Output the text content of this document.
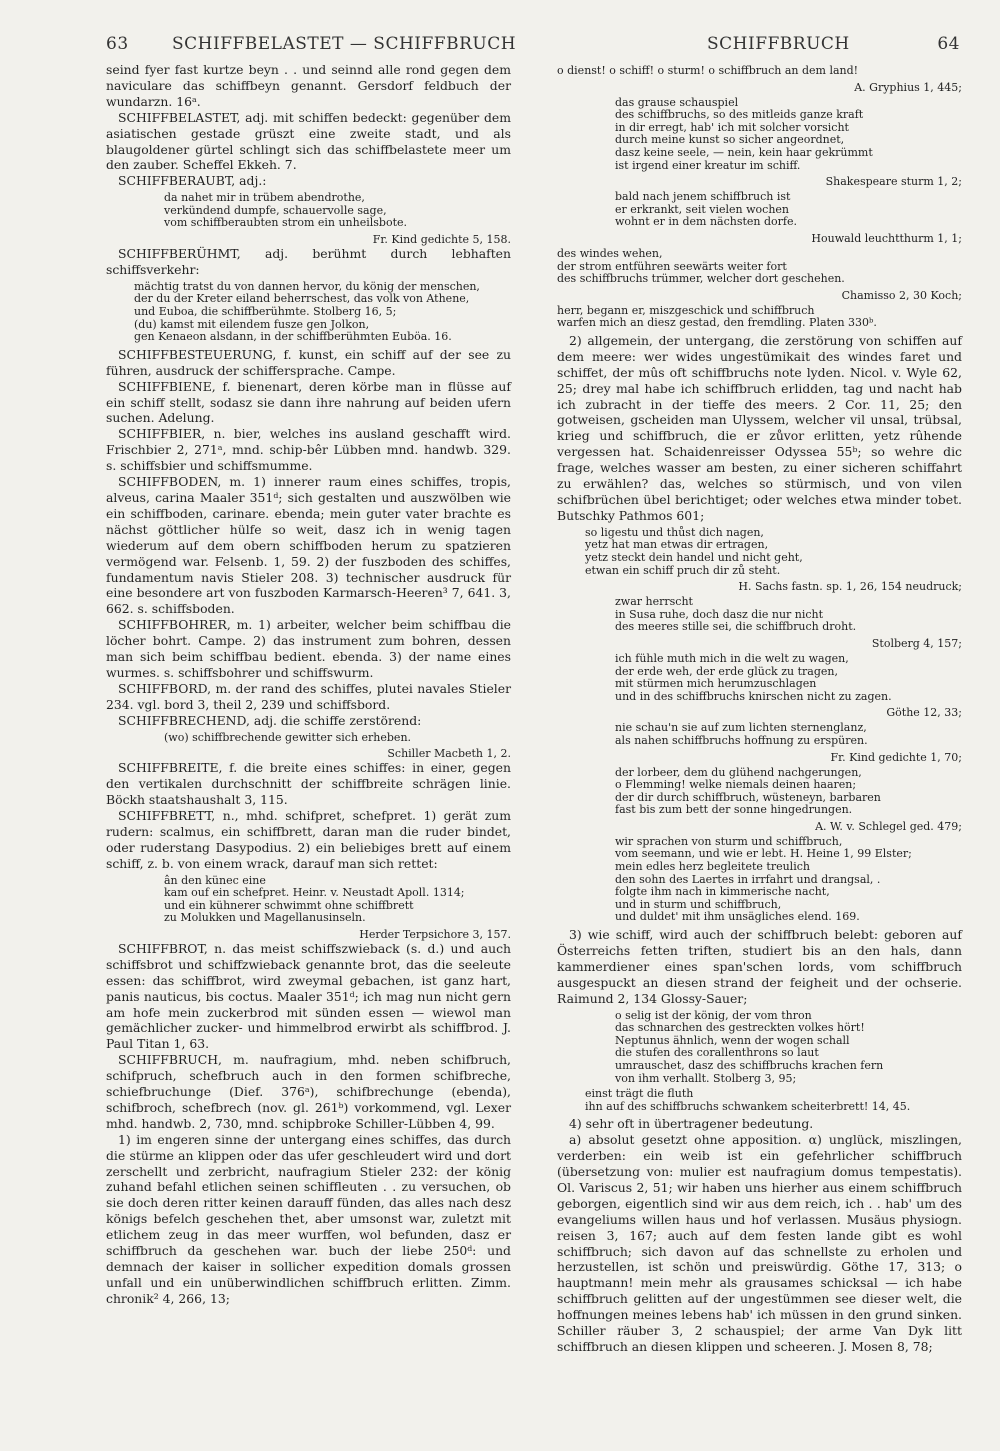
63	SCHIFFBELASTET — SCHIFFBRUCH	SCHIFFBRUCH	64

seind fyer fast kurtze beyn . . und seinnd alle rond gegen dem naviculare das schiffbeyn genannt. Gersdorf feldbuch der wundarzn. 16ᵃ.

SCHIFFBELASTET, adj. mit schiffen bedeckt: gegenüber dem asiatischen gestade grüszt eine zweite stadt, und als blaugoldener gürtel schlingt sich das schiffbelastete meer um den zauber. Scheffel Ekkeh. 7.

SCHIFFBERAUBT, adj.:

da nahet mir in trübem abendrothe,
verkündend dumpfe, schauervolle sage,
vom schiffberaubten strom ein unheilsbote.
Fr. Kind gedichte 5, 158.

SCHIFFBERÜHMT, adj. berühmt durch lebhaften schiffsverkehr:

mächtig tratst du von dannen hervor, du könig der menschen,
der du der Kreter eiland beherrschest, das volk von Athene,
und Euboa, die schiffberühmte. Stolberg 16, 5;
(du) kamst mit eilendem fusze gen Jolkon,
gen Kenaeon alsdann, in der schiffberühmten Euböa. 16.

SCHIFFBESTEUERUNG, f. kunst, ein schiff auf der see zu führen, ausdruck der schiffersprache. Campe.

SCHIFFBIENE, f. bienenart, deren körbe man in flüsse auf ein schiff stellt, sodasz sie dann ihre nahrung auf beiden ufern suchen. Adelung.

SCHIFFBIER, n. bier, welches ins ausland geschafft wird. Frischbier 2, 271ᵃ, mnd. schip-bêr Lübben mnd. handwb. 329. s. schiffsbier und schiffsmumme.

SCHIFFBODEN, m. 1) innerer raum eines schiffes, tropis, alveus, carina Maaler 351ᵈ; sich gestalten und auszwölben wie ein schiffboden, carinare. ebenda; mein guter vater brachte es nächst göttlicher hülfe so weit, dasz ich in wenig tagen wiederum auf dem obern schiffboden herum zu spatzieren vermögend war. Felsenb. 1, 59. 2) der fuszboden des schiffes, fundamentum navis Stieler 208. 3) technischer ausdruck für eine besondere art von fuszboden Karmarsch-Heeren³ 7, 641. 3, 662. s. schiffsboden.

SCHIFFBOHRER, m. 1) arbeiter, welcher beim schiffbau die löcher bohrt. Campe. 2) das instrument zum bohren, dessen man sich beim schiffbau bedient. ebenda. 3) der name eines wurmes. s. schiffsbohrer und schiffswurm.

SCHIFFBORD, m. der rand des schiffes, plutei navales Stieler 234. vgl. bord 3, theil 2, 239 und schiffsbord.

SCHIFFBRECHEND, adj. die schiffe zerstörend:

(wo) schiffbrechende gewitter sich erheben.
Schiller Macbeth 1, 2.

SCHIFFBREITE, f. die breite eines schiffes: in einer, gegen den vertikalen durchschnitt der schiffbreite schrägen linie. Böckh staatshaushalt 3, 115.

SCHIFFBRETT, n., mhd. schifpret, schefpret. 1) gerät zum rudern: scalmus, ein schiffbrett, daran man die ruder bindet, oder ruderstang Dasypodius. 2) ein beliebiges brett auf einem schiff, z. b. von einem wrack, darauf man sich rettet:

ân den künec eine
kam ouf ein schefpret. Heinr. v. Neustadt Apoll. 1314;
und ein kühnerer schwimmt ohne schiffbrett
zu Molukken und Magellanusinseln.
Herder Terpsichore 3, 157.

SCHIFFBROT, n. das meist schiffszwieback (s. d.) und auch schiffsbrot und schiffzwieback genannte brot, das die seeleute essen: das schiffbrot, wird zweymal gebachen, ist ganz hart, panis nauticus, bis coctus. Maaler 351ᵈ; ich mag nun nicht gern am hofe mein zuckerbrod mit sünden essen — wiewol man gemächlicher zucker- und himmelbrod erwirbt als schiffbrod. J. Paul Titan 1, 63.

SCHIFFBRUCH, m. naufragium, mhd. neben schifbruch, schifpruch, schefbruch auch in den formen schifbreche, schiefbruchunge (Dief. 376ᵃ), schifbrechunge (ebenda), schifbroch, schefbrech (nov. gl. 261ᵇ) vorkommend, vgl. Lexer mhd. handwb. 2, 730, mnd. schipbroke Schiller-Lübben 4, 99.

1) im engeren sinne der untergang eines schiffes, das durch die stürme an klippen oder das ufer geschleudert wird und dort zerschellt und zerbricht, naufragium Stieler 232: der könig zuhand befahl etlichen seinen schiffleuten . . zu versuchen, ob sie doch deren ritter keinen darauff fünden, das alles nach desz königs befelch geschehen thet, aber umsonst war, zuletzt mit etlichem zeug in das meer wurffen, wol befunden, dasz er schiffbruch da geschehen war. buch der liebe 250ᵈ: und demnach der kaiser in sollicher expedition domals grossen unfall und ein unüberwindlichen schiffbruch erlitten. Zimm. chronik² 4, 266, 13;

o dienst! o schiff! o sturm! o schiffbruch an dem land!
A. Gryphius 1, 445;
das grause schauspiel
des schiffbruchs, so des mitleids ganze kraft
in dir erregt, hab' ich mit solcher vorsicht
durch meine kunst so sicher angeordnet,
dasz keine seele, — nein, kein haar gekrümmt
ist irgend einer kreatur im schiff.
Shakespeare sturm 1, 2;
bald nach jenem schiffbruch ist
er erkrankt, seit vielen wochen
wohnt er in dem nächsten dorfe.
Houwald leuchtthurm 1, 1;
des windes wehen,
der strom entführen seewärts weiter fort
des schiffbruchs trümmer, welcher dort geschehen.
Chamisso 2, 30 Koch;
herr, begann er, miszgeschick und schiffbruch
warfen mich an diesz gestad, den fremdling. Platen 330ᵇ.

2) allgemein, der untergang, die zerstörung von schiffen auf dem meere: wer wides ungestümikait des windes faret und schiffet, der mûs oft schiffbruchs note lyden. Nicol. v. Wyle 62, 25; drey mal habe ich schiffbruch erlidden, tag und nacht hab ich zubracht in der tieffe des meers. 2 Cor. 11, 25; den gotweisen, gscheiden man Ulyssem, welcher vil unsal, trübsal, krieg und schiffbruch, die er zůvor erlitten, yetz rûhende vergessen hat. Schaidenreisser Odyssea 55ᵇ; so wehre dic frage, welches wasser am besten, zu einer sicheren schiffahrt zu erwählen? das, welches so stürmisch, und von vilen schifbrüchen übel berichtiget; oder welches etwa minder tobet. Butschky Pathmos 601;

so ligestu und thůst dich nagen,
yetz hat man etwas dir ertragen,
yetz steckt dein handel und nicht geht,
etwan ein schiff pruch dir zů steht.
H. Sachs fastn. sp. 1, 26, 154 neudruck;
zwar herrscht
in Susa ruhe, doch dasz die nur nicht
des meeres stille sei, die schiffbruch droht.
Stolberg 4, 157;
ich fühle muth mich in die welt zu wagen,
der erde weh, der erde glück zu tragen,
mit stürmen mich herumzuschlagen
und in des schiffbruchs knirschen nicht zu zagen.
Göthe 12, 33;
nie schau'n sie auf zum lichten sternenglanz,
als nahen schiffbruchs hoffnung zu erspüren.
Fr. Kind gedichte 1, 70;
der lorbeer, dem du glühend nachgerungen,
o Flemming! welke niemals deinen haaren;
der dir durch schiffbruch, wüsteneyn, barbaren
fast bis zum bett der sonne hingedrungen.
A. W. v. Schlegel ged. 479;
wir sprachen von sturm und schiffbruch,
vom seemann, und wie er lebt. H. Heine 1, 99 Elster;
mein edles herz begleitete treulich
den sohn des Laertes in irrfahrt und drangsal, .
folgte ihm nach in kimmerische nacht,
und in sturm und schiffbruch,
und duldet' mit ihm unsägliches elend. 169.

3) wie schiff, wird auch der schiffbruch belebt: geboren auf Österreichs fetten triften, studiert bis an den hals, dann kammerdiener eines span'schen lords, vom schiffbruch ausgespuckt an diesen strand der feigheit und der ochserie. Raimund 2, 134 Glossy-Sauer;

o selig ist der könig, der vom thron
das schnarchen des gestreckten volkes hört!
Neptunus ähnlich, wenn der wogen schall
die stufen des corallenthrons so laut
umrauschet, dasz des schiffbruchs krachen fern
von ihm verhallt. Stolberg 3, 95;
einst trägt die fluth
ihn auf des schiffbruchs schwankem scheiterbrett! 14, 45.

4) sehr oft in übertragener bedeutung.

a) absolut gesetzt ohne apposition. α) unglück, miszlingen, verderben: ein weib ist ein gefehrlicher schiffbruch (übersetzung von: mulier est naufragium domus tempestatis). Ol. Variscus 2, 51; wir haben uns hierher aus einem schiffbruch geborgen, eigentlich sind wir aus dem reich, ich . . hab' um des evangeliums willen haus und hof verlassen. Musäus physiogn. reisen 3, 167; auch auf dem festen lande gibt es wohl schiffbruch; sich davon auf das schnellste zu erholen und herzustellen, ist schön und preiswürdig. Göthe 17, 313; o hauptmann! mein mehr als grausames schicksal — ich habe schiffbruch gelitten auf der ungestümmen see dieser welt, die hoffnungen meines lebens hab' ich müssen in den grund sinken. Schiller räuber 3, 2 schauspiel; der arme Van Dyk litt schiffbruch an diesen klippen und scheeren. J. Mosen 8, 78;
